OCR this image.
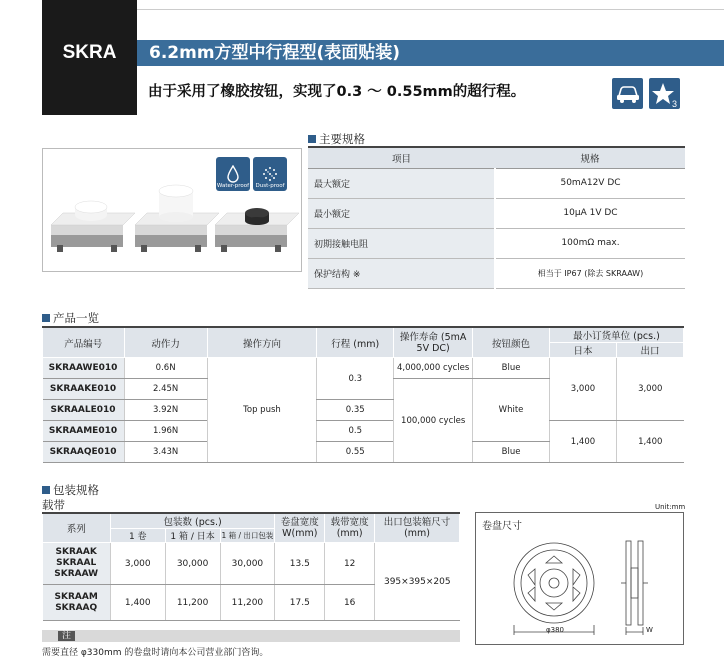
SKRA	6.2mm方型中行程型(表面贴装)
由于采用了橡胶按钮，实现了0.3 ～ 0.55mm的超行程。
3
Water-proof Dust-proof
主要规格
项目	规格
最大额定	50mA12V DC
最小额定	10μA 1V DC
初期接触电阻	100mΩ max.
保护结构 ※	相当于 IP67 (除去 SKRAAW)
产品一览
产品编号	动作力	操作方向	行程 (mm)	操作寿命 (5mA 5V DC)	按钮颜色	最小订货单位 (pcs.)	
						日本	出口
SKRAAWE010	0.6N	Top push	0.3	4,000,000 cycles	Blue	3,000	3,000
SKRAAKE010	2.45N			100,000 cycles	White		
SKRAALE010	3.92N		0.35				
SKRAAME010	1.96N		0.5			1,400	1,400
SKRAAQE010	3.43N		0.55		Blue		
包装规格
载带	Unit:mm
系列	包装数 (pcs.)			卷盘宽度 W(mm)	载带宽度 (mm)	出口包装箱尺寸 (mm)
	1 卷	1 箱 / 日本	1 箱 / 出口包装			

SKRAAK
SKRAAL
SKRAAW	3,000	30,000	30,000	13.5	12	395×395×205

SKRAAM
SKRAAQ	1,400	11,200	11,200	17.5	16	
卷盘尺寸
φ380	W
注
需要直径 φ330mm 的卷盘时请向本公司营业部门咨询。
